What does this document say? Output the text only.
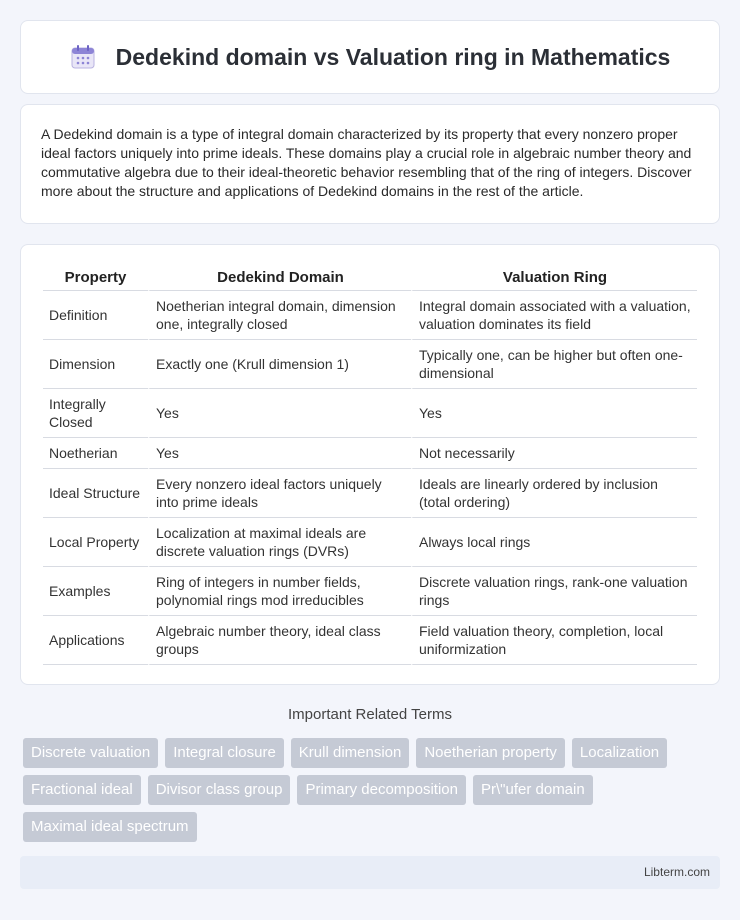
Dedekind domain vs Valuation ring in Mathematics

A Dedekind domain is a type of integral domain characterized by its property that every nonzero proper ideal factors uniquely into prime ideals. These domains play a crucial role in algebraic number theory and commutative algebra due to their ideal-theoretic behavior resembling that of the ring of integers. Discover more about the structure and applications of Dedekind domains in the rest of the article.

Property	Dedekind Domain	Valuation Ring
Definition	Noetherian integral domain, dimension one, integrally closed	Integral domain associated with a valuation, valuation dominates its field
Dimension	Exactly one (Krull dimension 1)	Typically one, can be higher but often one-dimensional
Integrally Closed	Yes	Yes
Noetherian	Yes	Not necessarily
Ideal Structure	Every nonzero ideal factors uniquely into prime ideals	Ideals are linearly ordered by inclusion (total ordering)
Local Property	Localization at maximal ideals are discrete valuation rings (DVRs)	Always local rings
Examples	Ring of integers in number fields, polynomial rings mod irreducibles	Discrete valuation rings, rank-one valuation rings
Applications	Algebraic number theory, ideal class groups	Field valuation theory, completion, local uniformization
Important Related Terms
Discrete valuation	Integral closure	Krull dimension	Noetherian property	Localization
Fractional ideal	Divisor class group	Primary decomposition	Pr\"ufer domain
Maximal ideal spectrum
Libterm.com
